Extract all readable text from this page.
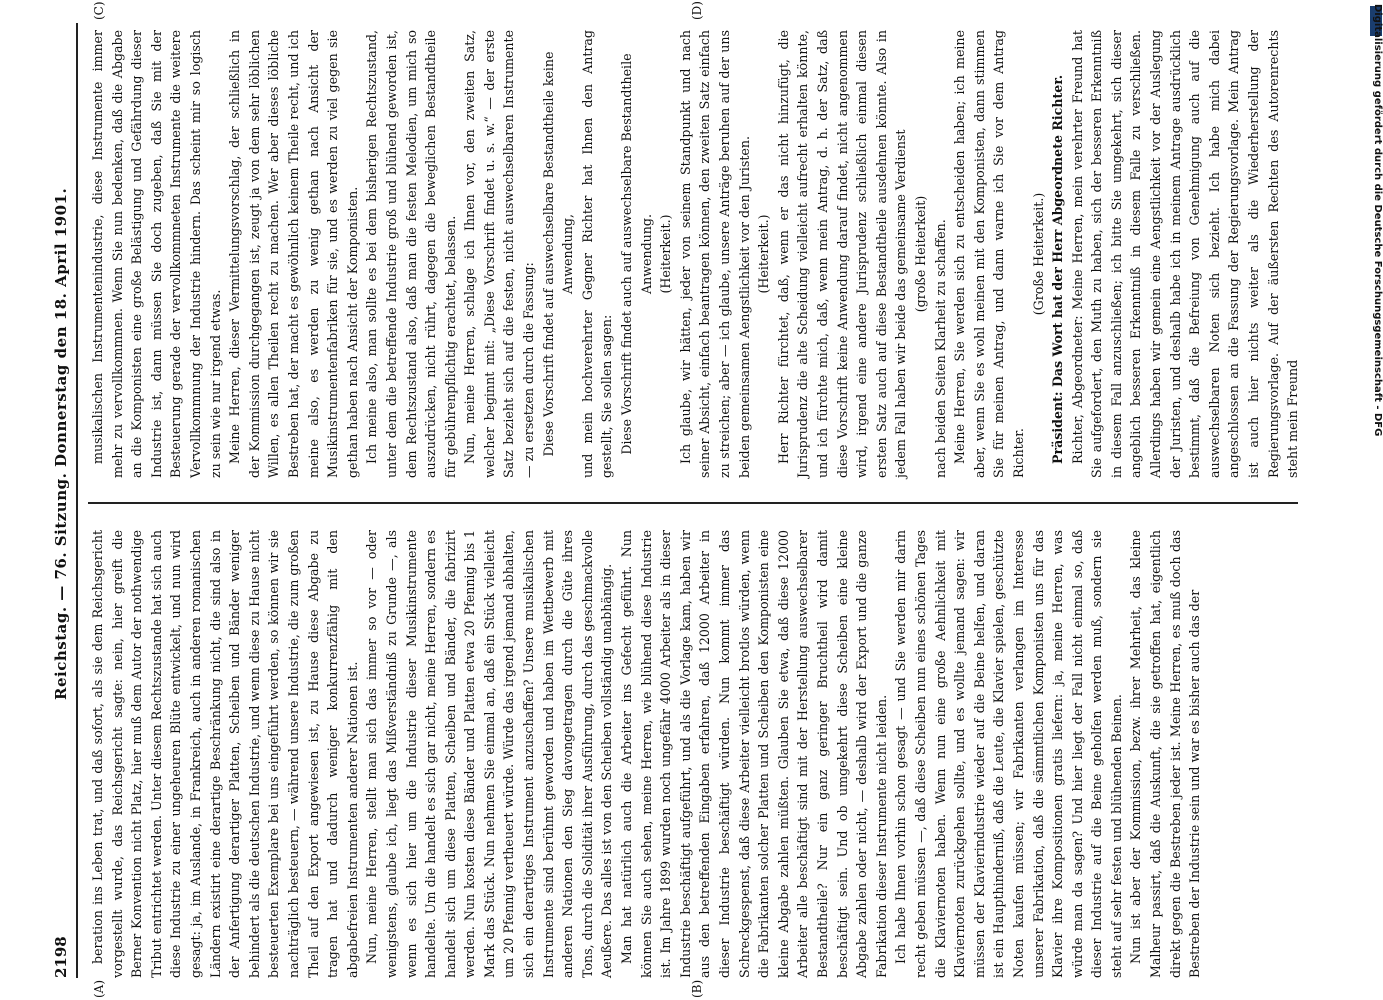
2198
Reichstag. — 76. Sitzung. Donnerstag den 18. April 1901.
(A)	(B)
(C)	(D)

beration ins Leben trat, und daß sofort, als sie dem Reichsgericht vorgestellt wurde, das Reichsgericht sagte: nein, hier greift die Berner Konvention nicht Platz, hier muß dem Autor der nothwendige Tribut entrichtet werden. Unter diesem Rechtszustande hat sich auch diese Industrie zu einer ungeheuren Blüte entwickelt, und nun wird gesagt: ja, im Auslande, in Frankreich, auch in anderen romanischen Ländern existirt eine derartige Beschränkung nicht, die sind also in der Anfertigung derartiger Platten, Scheiben und Bänder weniger behindert als die deutschen Industrie, und wenn diese zu Hause nicht besteuerten Exemplare bei uns eingeführt werden, so können wir sie nachträglich besteuern, — während unsere Industrie, die zum großen Theil auf den Export angewiesen ist, zu Hause diese Abgabe zu tragen hat und dadurch weniger konkurrenzfähig mit den abgabefreien Instrumenten anderer Nationen ist. Nun, meine Herren, stellt man sich das immer so vor — oder wenigstens, glaube ich, liegt das Mißverständniß zu Grunde —, als wenn es sich hier um die Industrie dieser Musikinstrumente handelte. Um die handelt es sich gar nicht, meine Herren, sondern es handelt sich um diese Platten, Scheiben und Bänder, die fabrizirt werden. Nun kosten diese Bänder und Platten etwa 20 Pfennig bis 1 Mark das Stück. Nun nehmen Sie einmal an, daß ein Stück vielleicht um 20 Pfennig vertheuert würde. Würde das irgend jemand abhalten, sich ein derartiges Instrument anzuschaffen? Unsere musikalischen Instrumente sind berühmt geworden und haben im Wettbewerb mit anderen Nationen den Sieg davongetragen durch die Güte ihres Tons, durch die Solidität ihrer Ausführung, durch das geschmackvolle Aeußere. Das alles ist von den Scheiben vollständig unabhängig. Man hat natürlich auch die Arbeiter ins Gefecht geführt. Nun können Sie auch sehen, meine Herren, wie blühend diese Industrie ist. Im Jahre 1899 wurden noch ungefähr 4000 Arbeiter als in dieser Industrie beschäftigt aufgeführt, und als die Vorlage kam, haben wir aus den betreffenden Eingaben erfahren, daß 12000 Arbeiter in dieser Industrie beschäftigt würden. Nun kommt immer das Schreckgespenst, daß diese Arbeiter vielleicht brotlos würden, wenn die Fabrikanten solcher Platten und Scheiben den Komponisten eine kleine Abgabe zahlen müßten. Glauben Sie etwa, daß diese 12000 Arbeiter alle beschäftigt sind mit der Herstellung auswechselbarer Bestandtheile? Nur ein ganz geringer Bruchtheil wird damit beschäftigt sein. Und ob umgekehrt diese Scheiben eine kleine Abgabe zahlen oder nicht, — deshalb wird der Export und die ganze Fabrikation dieser Instrumente nicht leiden. Ich habe Ihnen vorhin schon gesagt — und Sie werden mir darin recht geben müssen —, daß diese Scheiben nun eines schönen Tages die Klaviernoten haben. Wenn nun eine große Aehnlichkeit mit Klaviernoten zurückgehen sollte, und es wollte jemand sagen: wir müssen der Klavierindustrie wieder auf die Beine helfen, und daran ist ein Haupthinderniß, daß die Leute, die Klavier spielen, geschützte Noten kaufen müssen; wir Fabrikanten verlangen im Interesse unserer Fabrikation, daß die sämmtlichen Komponisten uns für das Klavier ihre Kompositionen gratis liefern: ja, meine Herren, was würde man da sagen? Und hier liegt der Fall nicht einmal so, daß dieser Industrie auf die Beine geholfen werden muß, sondern sie steht auf sehr festen und blühenden Beinen. Nun ist aber der Kommission, bezw. ihrer Mehrheit, das kleine Malheur passirt, daß die Auskunft, die sie getroffen hat, eigentlich direkt gegen die Bestreben jeder ist. Meine Herren, es muß doch das Bestreben der Industrie sein und war es bisher auch das der

musikalischen Instrumentenindustrie, diese Instrumente immer mehr zu vervollkommnen. Wenn Sie nun bedenken, daß die Abgabe an die Komponisten eine große Belästigung und Gefährdung dieser Industrie ist, dann müssen Sie doch zugeben, daß Sie mit der Besteuerung gerade der vervollkommneten Instrumente die weitere Vervollkommnung der Industrie hindern. Das scheint mir so logisch zu sein wie nur irgend etwas. Meine Herren, dieser Vermittelungsvorschlag, der schließlich in der Kommission durchgegangen ist, zeugt ja von dem sehr löblichen Willen, es allen Theilen recht zu machen. Wer aber dieses löbliche Bestreben hat, der macht es gewöhnlich keinem Theile recht, und ich meine also, es werden zu wenig gethan nach Ansicht der Musikinstrumentenfabriken für sie, und es werden zu viel gegen sie gethan haben nach Ansicht der Komponisten. Ich meine also, man sollte es bei dem bisherigen Rechtszustand, unter dem die betreffende Industrie groß und blühend geworden ist, dem Rechtszustand also, daß man die festen Melodien, um mich so auszudrücken, nicht rührt, dagegen die beweglichen Bestandtheile für gebührenpflichtig erachtet, belassen. Nun, meine Herren, schlage ich Ihnen vor, den zweiten Satz, welcher beginnt mit: „Diese Vorschrift findet u. s. w.“ — der erste Satz bezieht sich auf die festen, nicht auswechselbaren Instrumente — zu ersetzen durch die Fassung: Diese Vorschrift findet auf auswechselbare Bestandtheile keine Anwendung, und mein hochverehrter Gegner Richter hat Ihnen den Antrag gestellt, Sie sollen sagen: Diese Vorschrift findet auch auf auswechselbare Bestandtheile Anwendung. (Heiterkeit.) Ich glaube, wir hätten, jeder von seinem Standpunkt und nach seiner Absicht, einfach beantragen können, den zweiten Satz einfach zu streichen; aber — ich glaube, unsere Anträge beruhen auf der uns beiden gemeinsamen Aengstlichkeit vor den Juristen. (Heiterkeit.) Herr Richter fürchtet, daß, wenn er das nicht hinzufügt, die Jurisprudenz die alte Scheidung vielleicht aufrecht erhalten könnte, und ich fürchte mich, daß, wenn mein Antrag, d. h. der Satz, daß diese Vorschrift keine Anwendung darauf findet, nicht angenommen wird, irgend eine andere Jurisprudenz schließlich einmal diesen ersten Satz auch auf diese Bestandtheile ausdehnen könnte. Also in jedem Fall haben wir beide das gemeinsame Verdienst (große Heiterkeit) nach beiden Seiten Klarheit zu schaffen. Meine Herren, Sie werden sich zu entscheiden haben; ich meine aber, wenn Sie es wohl meinen mit den Komponisten, dann stimmen Sie für meinen Antrag, und dann warne ich Sie vor dem Antrag Richter.

(Große Heiterkeit.) Präsident: Das Wort hat der Herr Abgeordnete Richter. Richter, Abgeordneter: Meine Herren, mein verehrter Freund hat Sie aufgefordert, den Muth zu haben, sich der besseren Erkenntniß in diesem Fall anzuschließen; ich bitte Sie umgekehrt, sich dieser angeblich besseren Erkenntniß in diesem Falle zu verschließen. Allerdings haben wir gemein eine Aengstlichkeit vor der Auslegung der Juristen, und deshalb habe ich in meinem Antrage ausdrücklich bestimmt, daß die Befreiung von Genehmigung auch auf die auswechselbaren Noten sich bezieht. Ich habe mich dabei angeschlossen an die Fassung der Regierungsvorlage. Mein Antrag ist auch hier nichts weiter als die Wiederherstellung der Regierungsvorlage. Auf der äußersten Rechten des Autorenrechts steht mein Freund	Digitalisierung gefördert durch die Deutsche Forschungsgemeinschaft - DFG
